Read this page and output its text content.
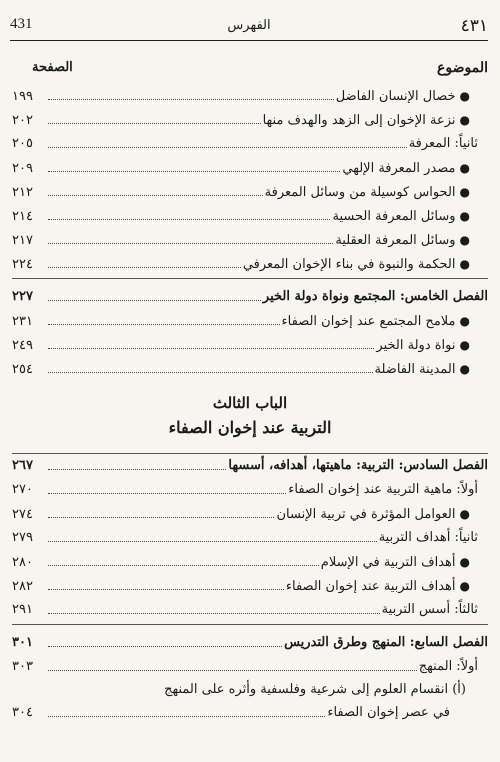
431	الفهرس	٤٣١
الموضوع
الصفحة
●
خصال الإنسان الفاضل
١٩٩
●
نزعة الإخوان إلى الزهد والهدف منها
٢٠٢
ثانياً: المعرفة
٢٠٥
●
مصدر المعرفة الإلهي
٢٠٩
●
الحواس كوسيلة من وسائل المعرفة
٢١٢
●
وسائل المعرفة الحسية
٢١٤
●
وسائل المعرفة العقلية
٢١٧
●
الحكمة والنبوة في بناء الإخوان المعرفي
٢٢٤
الفصل الخامس: المجتمع ونواة دولة الخير
٢٢٧
●
ملامح المجتمع عند إخوان الصفاء
٢٣١
●
نواة دولة الخير
٢٤٩
●
المدينة الفاضلة
٢٥٤
الباب الثالث
التربية عند إخوان الصفاء
الفصل السادس: التربية: ماهيتها، أهدافه، أسسها
٢٦٧
أولاً: ماهية التربية عند إخوان الصفاء
٢٧٠
●
العوامل المؤثرة في تربية الإنسان
٢٧٤
ثانياً: أهداف التربية
٢٧٩
●
أهداف التربية في الإسلام
٢٨٠
●
أهداف التربية عند إخوان الصفاء
٢٨٢
ثالثاً: أسس التربية
٢٩١
الفصل السابع: المنهج وطرق التدريس
٣٠١
أولاً: المنهج
٣٠٣
(أ) انقسام العلوم إلى شرعية وفلسفية وأثره على المنهج
في عصر إخوان الصفاء
٣٠٤
